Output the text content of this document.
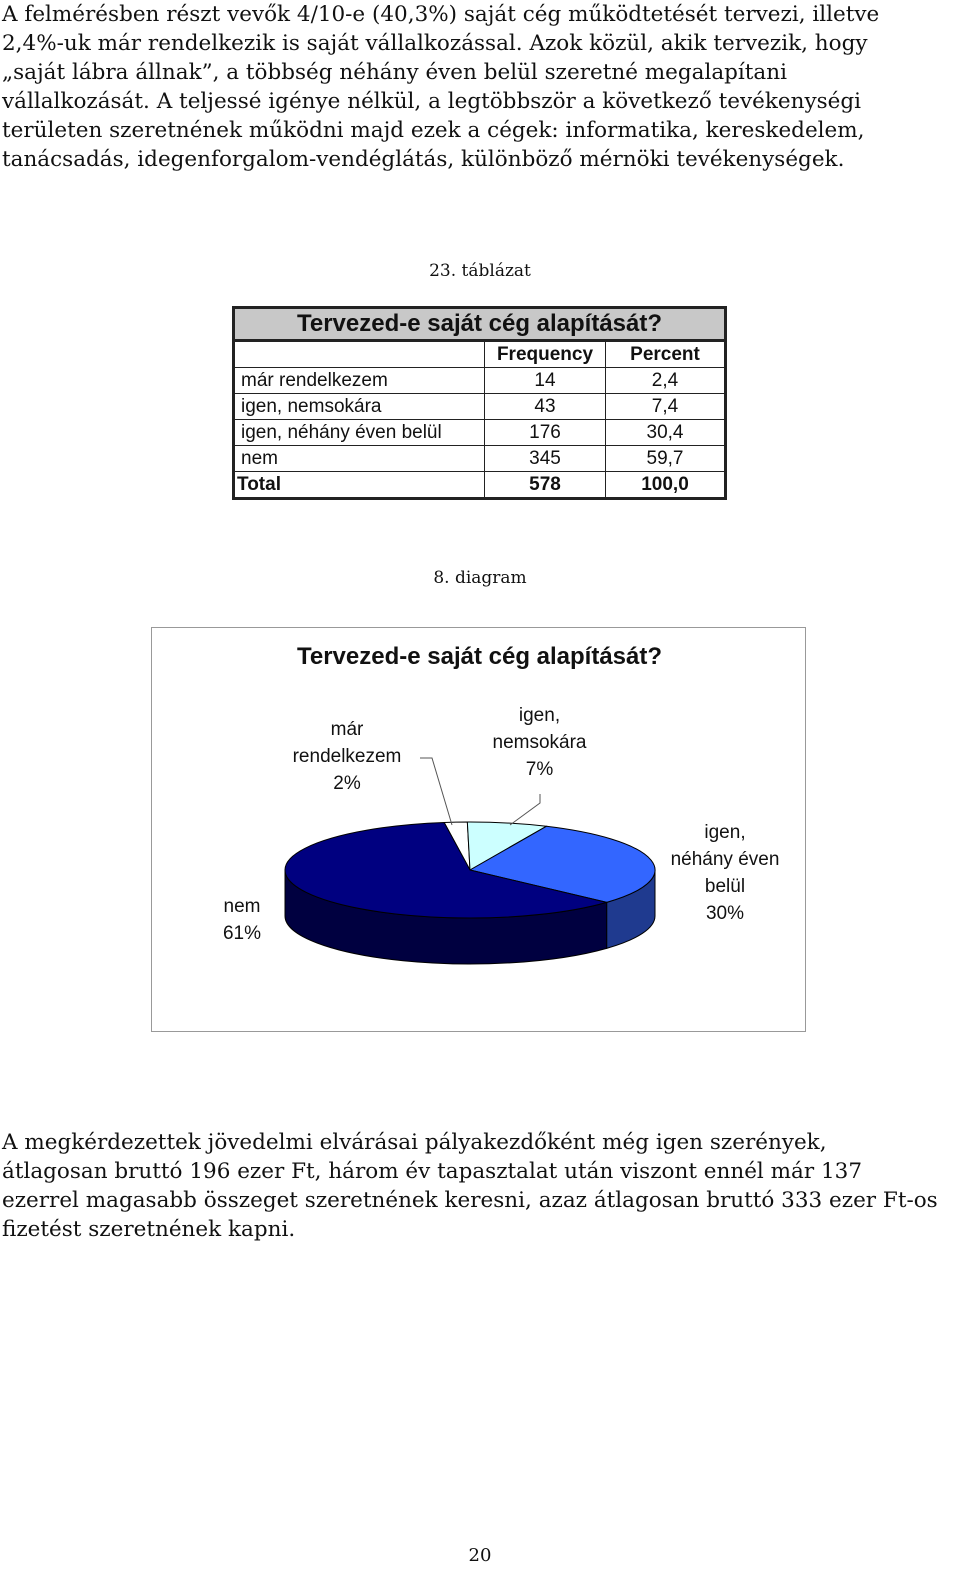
A felmérésben részt vevők 4/10-e (40,3%) saját cég működtetését tervezi, illetve
2,4%-uk már rendelkezik is saját vállalkozással. Azok közül, akik tervezik, hogy
„saját lábra állnak”, a többség néhány éven belül szeretné megalapítani
vállalkozását. A teljessé igénye nélkül, a legtöbbször a következő tevékenységi
területen szeretnének működni majd ezek a cégek: informatika, kereskedelem,
tanácsadás, idegenforgalom-vendéglátás, különböző mérnöki tevékenységek.
23. táblázat
Tervezed-e saját cég alapítását?		
	Frequency	Percent
már rendelkezem	14	2,4
igen, nemsokára	43	7,4
igen, néhány éven belül	176	30,4
nem	345	59,7
Total	578	100,0
8. diagram
Tervezed-e saját cég alapítását?
már
rendelkezem
2%
igen,
nemsokára
7%
igen,
néhány éven
belül
30%
nem
61%
A megkérdezettek jövedelmi elvárásai pályakezdőként még igen szerények,
átlagosan bruttó 196 ezer Ft, három év tapasztalat után viszont ennél már 137
ezerrel magasabb összeget szeretnének keresni, azaz átlagosan bruttó 333 ezer Ft-os
fizetést szeretnének kapni.
20
